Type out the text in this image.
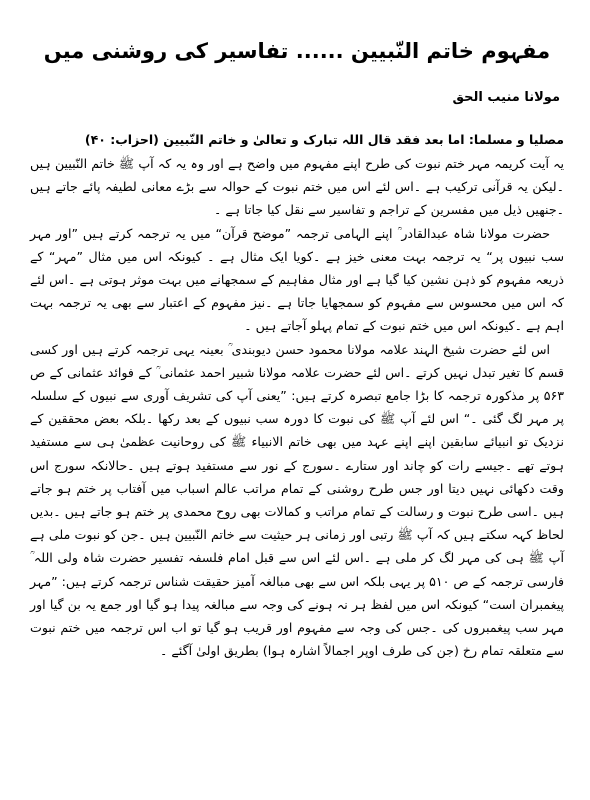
مفہوم خاتم النّبیین ...... تفاسیر کی روشنی میں
مولانا منیب الحق
مصلیا و مسلما: اما بعد فقد قال اللہ تبارک و تعالیٰ و خاتم النّبیین (احزاب: ۴۰)

یہ آیت کریمہ مہر ختم نبوت کی طرح اپنے مفہوم میں واضح ہے اور وہ یہ کہ آپ ﷺ خاتم النّبیین ہیں ۔لیکن یہ قرآنی ترکیب ہے ۔اس لئے اس میں ختم نبوت کے حوالہ سے بڑے معانی لطیفہ پائے جاتے ہیں ۔جنھیں ذیل میں مفسرین کے تراجم و تفاسیر سے نقل کیا جاتا ہے ۔

حضرت مولانا شاہ عبدالقادر ؒ اپنے الہامی ترجمہ ”موضح قرآن“ میں یہ ترجمہ کرتے ہیں ”اور مہر سب نبیوں پر“ یہ ترجمہ بہت معنی خیز ہے ۔کویا ایک مثال ہے ۔ کیونکہ اس میں مثال ”مہر“ کے ذریعہ مفہوم کو ذہن نشین کیا گیا ہے اور مثال مفاہیم کے سمجھانے میں بہت موثر ہوتی ہے ۔اس لئے کہ اس میں محسوس سے مفہوم کو سمجھایا جاتا ہے ۔نیز مفہوم کے اعتبار سے بھی یہ ترجمہ بہت اہم ہے ۔کیونکہ اس میں ختم نبوت کے تمام پہلو آجاتے ہیں ۔

اس لئے حضرت شیخ الہند علامہ مولانا محمود حسن دیوبندی ؒ بعینہ یہی ترجمہ کرتے ہیں اور کسی قسم کا تغیر تبدل نہیں کرتے ۔اس لئے حضرت علامہ مولانا شبیر احمد عثمانی ؒ کے فوائد عثمانی کے ص ۵۶۳ پر مذکورہ ترجمہ کا بڑا جامع تبصرہ کرتے ہیں: ”یعنی آپ کی تشریف آوری سے نبیوں کے سلسلہ پر مہر لگ گئی ۔“ اس لئے آپ ﷺ کی نبوت کا دورہ سب نبیوں کے بعد رکھا ۔بلکہ بعض محققین کے نزدیک تو انبیائے سابقین اپنے اپنے عہد میں بھی خاتم الانبیاء ﷺ کی روحانیت عظمیٰ ہی سے مستفید ہوتے تھے ۔جیسے رات کو چاند اور ستارے ۔سورج کے نور سے مستفید ہوتے ہیں ۔حالانکہ سورج اس وقت دکھائی نہیں دیتا اور جس طرح روشنی کے تمام مراتب عالم اسباب میں آفتاب پر ختم ہو جاتے ہیں ۔اسی طرح نبوت و رسالت کے تمام مراتب و کمالات بھی روح محمدی پر ختم ہو جاتے ہیں ۔بدیں لحاظ کہہ سکتے ہیں کہ آپ ﷺ رتبی اور زمانی ہر حیثیت سے خاتم النّبیین ہیں ۔جن کو نبوت ملی ہے آپ ﷺ ہی کی مہر لگ کر ملی ہے ۔اس لئے اس سے قبل امام فلسفہ تفسیر حضرت شاہ ولی اللہ ؒ فارسی ترجمہ کے ص ۵۱۰ پر یہی بلکہ اس سے بھی مبالغہ آمیز حقیقت شناس ترجمہ کرتے ہیں: ”مہر پیغمبران است“ کیونکہ اس میں لفظ ہر نہ ہونے کی وجہ سے مبالغہ پیدا ہو گیا اور جمع یہ بن گیا اور مہر سب پیغمبروں کی ۔جس کی وجہ سے مفہوم اور قریب ہو گیا تو اب اس ترجمہ میں ختم نبوت سے متعلقہ تمام رخ (جن کی طرف اوپر اجمالاً اشارہ ہوا) بطریق اولیٰ آگئے ۔
